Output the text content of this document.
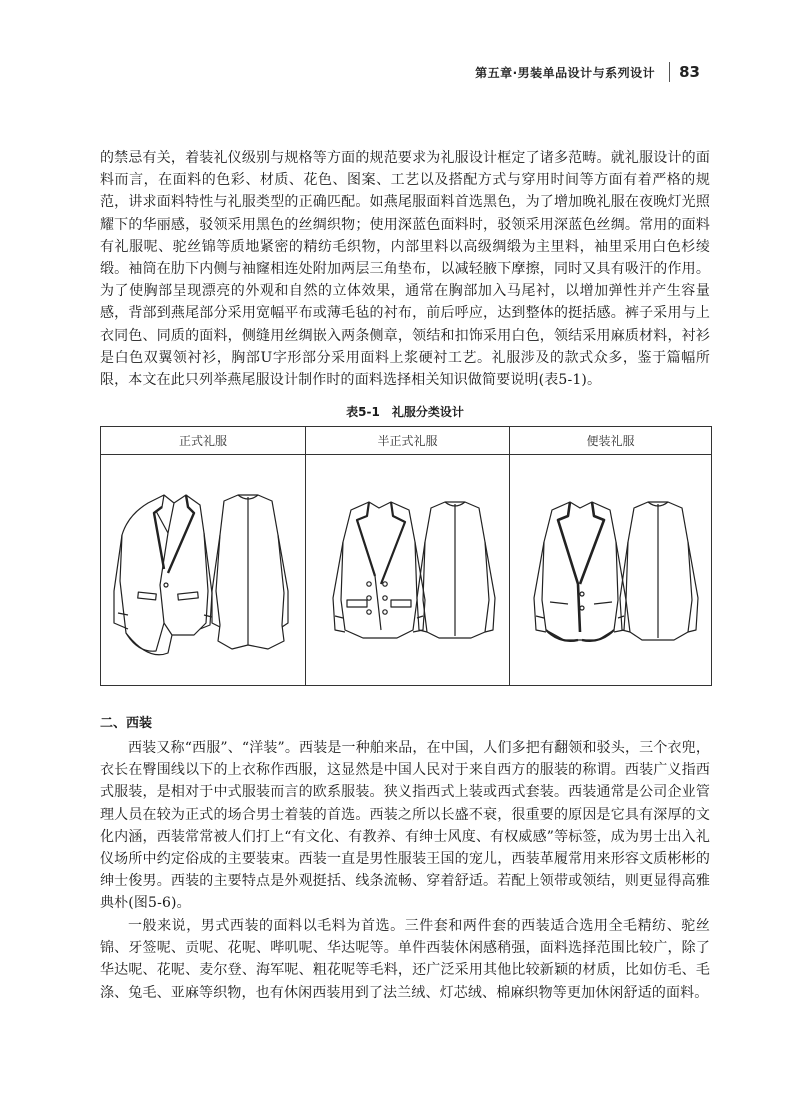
第五章·男装单品设计与系列设计 83

的禁忌有关，着装礼仪级别与规格等方面的规范要求为礼服设计框定了诸多范畴。就礼服设计的面料而言，在面料的色彩、材质、花色、图案、工艺以及搭配方式与穿用时间等方面有着严格的规范，讲求面料特性与礼服类型的正确匹配。如燕尾服面料首选黑色，为了增加晚礼服在夜晚灯光照耀下的华丽感，驳领采用黑色的丝绸织物；使用深蓝色面料时，驳领采用深蓝色丝绸。常用的面料有礼服呢、驼丝锦等质地紧密的精纺毛织物，内部里料以高级绸缎为主里料，袖里采用白色杉绫缎。袖筒在肋下内侧与袖窿相连处附加两层三角垫布，以减轻腋下摩擦，同时又具有吸汗的作用。为了使胸部呈现漂亮的外观和自然的立体效果，通常在胸部加入马尾衬，以增加弹性并产生容量感，背部到燕尾部分采用宽幅平布或薄毛毡的衬布，前后呼应，达到整体的挺括感。裤子采用与上衣同色、同质的面料，侧缝用丝绸嵌入两条侧章，领结和扣饰采用白色，领结采用麻质材料，衬衫是白色双翼领衬衫，胸部U字形部分采用面料上浆硬衬工艺。礼服涉及的款式众多，鉴于篇幅所限，本文在此只列举燕尾服设计制作时的面料选择相关知识做简要说明(表5-1)。

表5-1　礼服分类设计
正式礼服	半正式礼服	便装礼服

二、西装

西装又称“西服”、“洋装”。西装是一种舶来品，在中国，人们多把有翻领和驳头，三个衣兜，衣长在臀围线以下的上衣称作西服，这显然是中国人民对于来自西方的服装的称谓。西装广义指西式服装，是相对于中式服装而言的欧系服装。狭义指西式上装或西式套装。西装通常是公司企业管理人员在较为正式的场合男士着装的首选。西装之所以长盛不衰，很重要的原因是它具有深厚的文化内涵，西装常常被人们打上“有文化、有教养、有绅士风度、有权威感”等标签，成为男士出入礼仪场所中约定俗成的主要装束。西装一直是男性服装王国的宠儿，西装革履常用来形容文质彬彬的绅士俊男。西装的主要特点是外观挺括、线条流畅、穿着舒适。若配上领带或领结，则更显得高雅典朴(图5-6)。

一般来说，男式西装的面料以毛料为首选。三件套和两件套的西装适合选用全毛精纺、驼丝锦、牙签呢、贡呢、花呢、哔叽呢、华达呢等。单件西装休闲感稍强，面料选择范围比较广，除了华达呢、花呢、麦尔登、海军呢、粗花呢等毛料，还广泛采用其他比较新颖的材质，比如仿毛、毛涤、兔毛、亚麻等织物，也有休闲西装用到了法兰绒、灯芯绒、棉麻织物等更加休闲舒适的面料。
